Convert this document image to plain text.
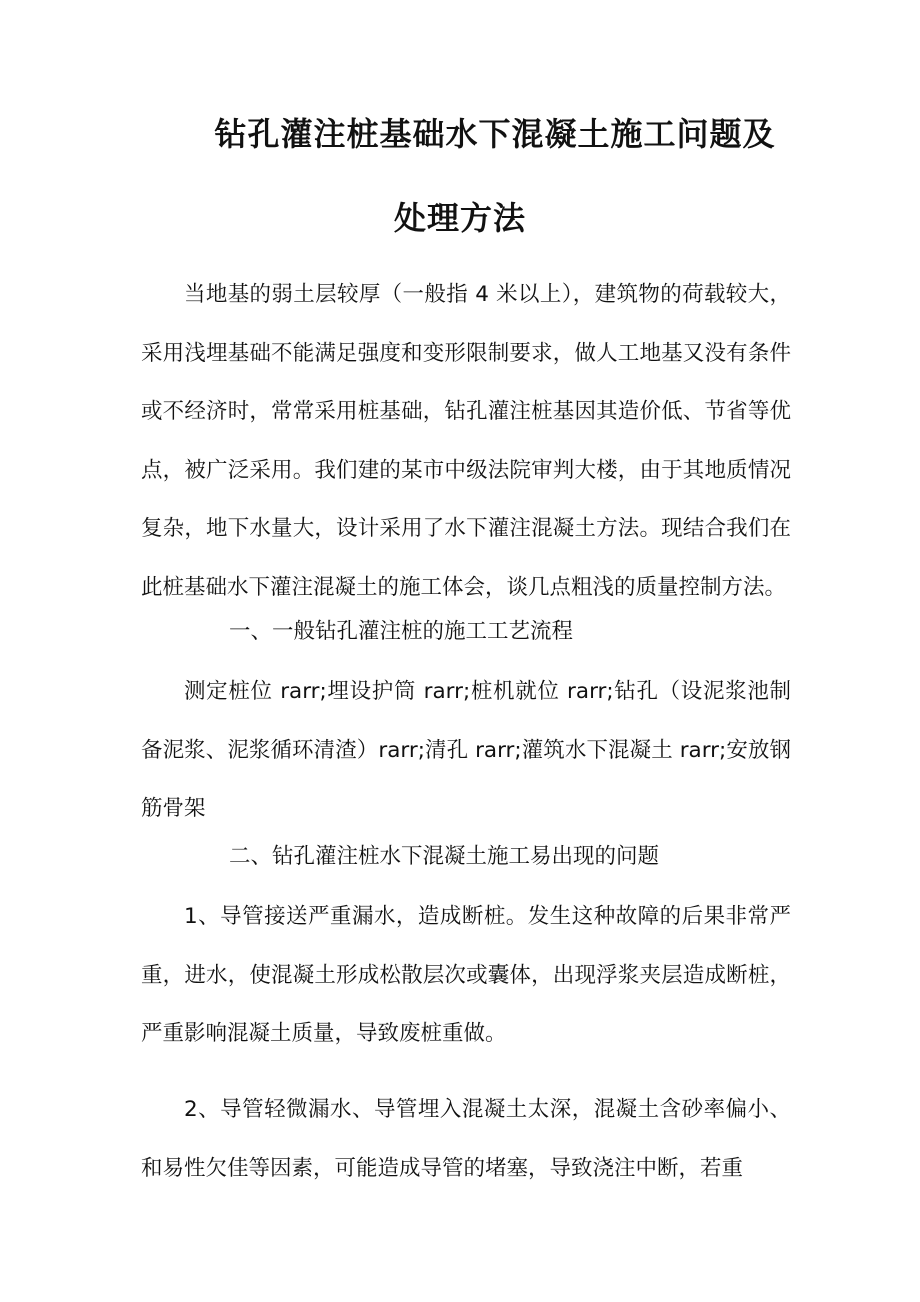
钻孔灌注桩基础水下混凝土施工问题及
处理方法

当地基的弱土层较厚（一般指 4 米以上），建筑物的荷载较大，采用浅埋基础不能满足强度和变形限制要求，做人工地基又没有条件或不经济时，常常采用桩基础，钻孔灌注桩基因其造价低、节省等优点，被广泛采用。我们建的某市中级法院审判大楼，由于其地质情况复杂，地下水量大，设计采用了水下灌注混凝土方法。现结合我们在此桩基础水下灌注混凝土的施工体会，谈几点粗浅的质量控制方法。

一、一般钻孔灌注桩的施工工艺流程

测定桩位 rarr;埋设护筒 rarr;桩机就位 rarr;钻孔（设泥浆池制备泥浆、泥浆循环清渣）rarr;清孔 rarr;灌筑水下混凝土 rarr;安放钢筋骨架

二、钻孔灌注桩水下混凝土施工易出现的问题

1、导管接送严重漏水，造成断桩。发生这种故障的后果非常严重，进水，使混凝土形成松散层次或囊体，出现浮浆夹层造成断桩，严重影响混凝土质量，导致废桩重做。

2、导管轻微漏水、导管埋入混凝土太深，混凝土含砂率偏小、和易性欠佳等因素，可能造成导管的堵塞，导致浇注中断，若重
